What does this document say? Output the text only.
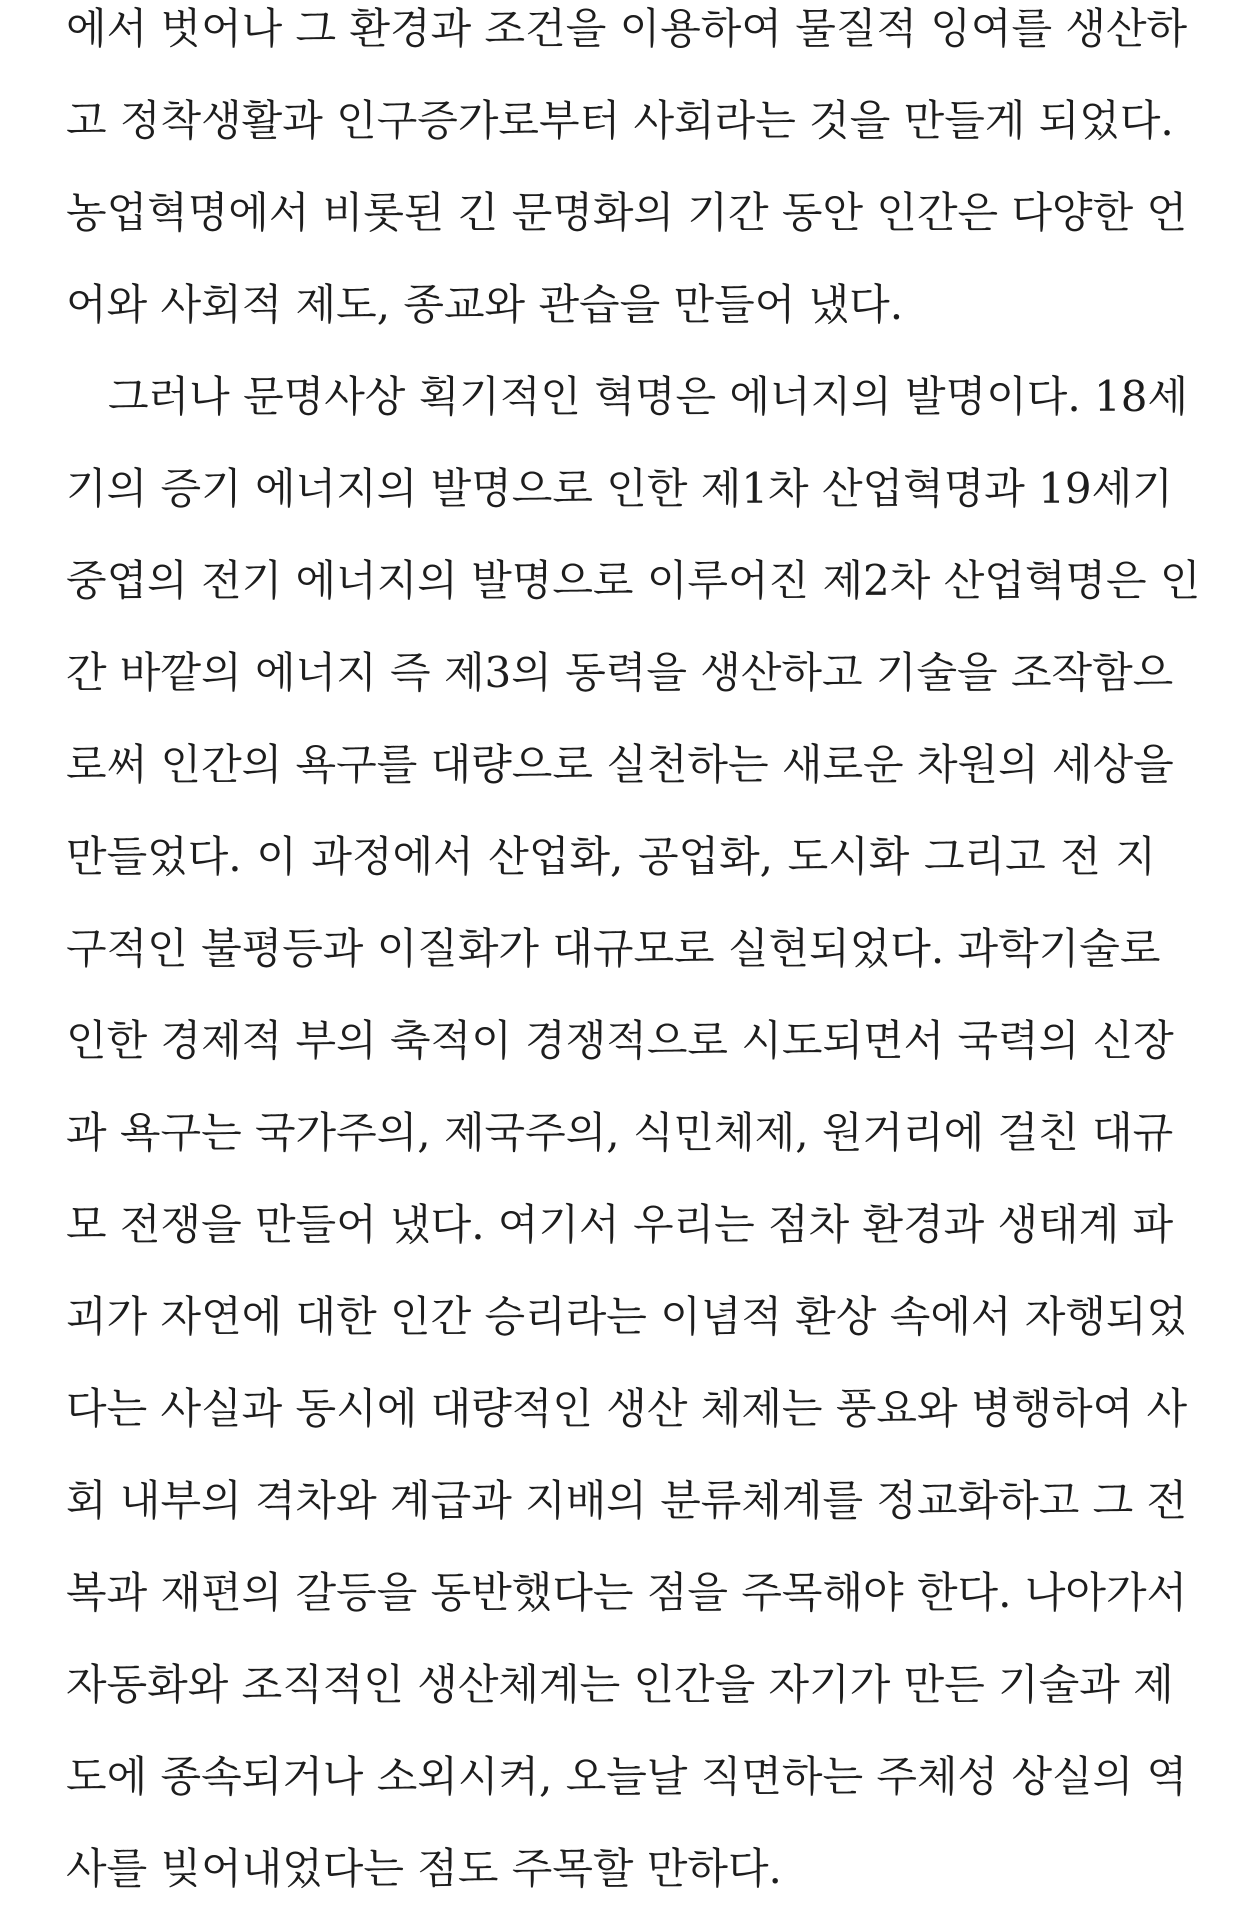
에서 벗어나 그 환경과 조건을 이용하여 물질적 잉여를 생산하
고 정착생활과 인구증가로부터 사회라는 것을 만들게 되었다.
농업혁명에서 비롯된 긴 문명화의 기간 동안 인간은 다양한 언
어와 사회적 제도, 종교와 관습을 만들어 냈다.
그러나 문명사상 획기적인 혁명은 에너지의 발명이다. 18세
기의 증기 에너지의 발명으로 인한 제1차 산업혁명과 19세기
중엽의 전기 에너지의 발명으로 이루어진 제2차 산업혁명은 인
간 바깥의 에너지 즉 제3의 동력을 생산하고 기술을 조작함으
로써 인간의 욕구를 대량으로 실천하는 새로운 차원의 세상을
만들었다. 이 과정에서 산업화, 공업화, 도시화 그리고 전 지
구적인 불평등과 이질화가 대규모로 실현되었다. 과학기술로
인한 경제적 부의 축적이 경쟁적으로 시도되면서 국력의 신장
과 욕구는 국가주의, 제국주의, 식민체제, 원거리에 걸친 대규
모 전쟁을 만들어 냈다. 여기서 우리는 점차 환경과 생태계 파
괴가 자연에 대한 인간 승리라는 이념적 환상 속에서 자행되었
다는 사실과 동시에 대량적인 생산 체제는 풍요와 병행하여 사
회 내부의 격차와 계급과 지배의 분류체계를 정교화하고 그 전
복과 재편의 갈등을 동반했다는 점을 주목해야 한다. 나아가서
자동화와 조직적인 생산체계는 인간을 자기가 만든 기술과 제
도에 종속되거나 소외시켜, 오늘날 직면하는 주체성 상실의 역
사를 빚어내었다는 점도 주목할 만하다.
